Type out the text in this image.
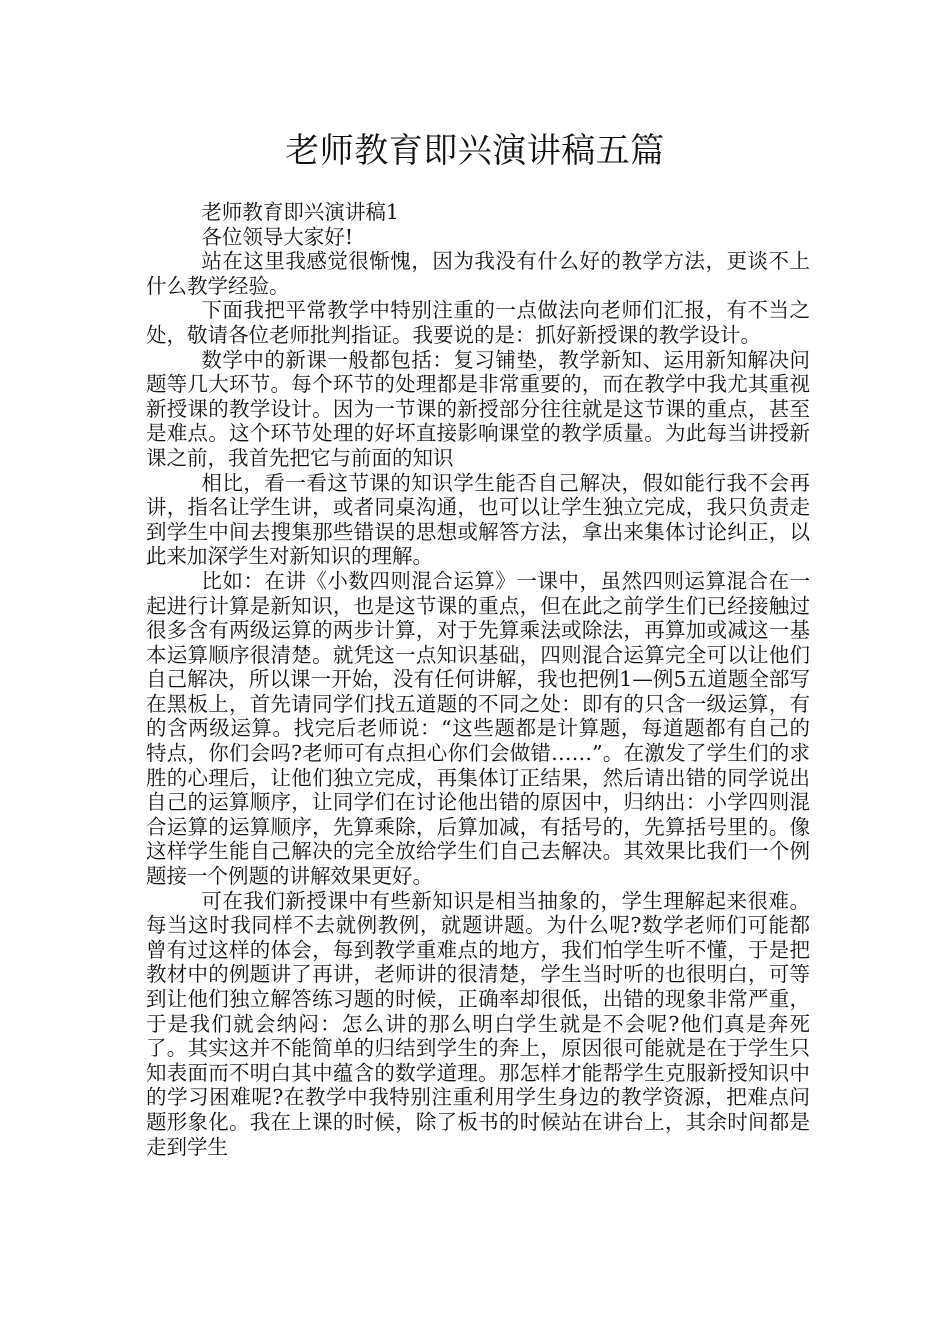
老师教育即兴演讲稿五篇

老师教育即兴演讲稿1

各位领导大家好!

站在这里我感觉很惭愧，因为我没有什么好的教学方法，更谈不上什么教学经验。

下面我把平常教学中特别注重的一点做法向老师们汇报，有不当之处，敬请各位老师批判指证。我要说的是：抓好新授课的教学设计。

数学中的新课一般都包括：复习铺垫，教学新知、运用新知解决问题等几大环节。每个环节的处理都是非常重要的，而在教学中我尤其重视新授课的教学设计。因为一节课的新授部分往往就是这节课的重点，甚至是难点。这个环节处理的好坏直接影响课堂的教学质量。为此每当讲授新课之前，我首先把它与前面的知识

相比，看一看这节课的知识学生能否自己解决，假如能行我不会再讲，指名让学生讲，或者同桌沟通，也可以让学生独立完成，我只负责走到学生中间去搜集那些错误的思想或解答方法，拿出来集体讨论纠正，以此来加深学生对新知识的理解。

比如：在讲《小数四则混合运算》一课中，虽然四则运算混合在一起进行计算是新知识，也是这节课的重点，但在此之前学生们已经接触过很多含有两级运算的两步计算，对于先算乘法或除法，再算加或减这一基本运算顺序很清楚。就凭这一点知识基础，四则混合运算完全可以让他们自己解决，所以课一开始，没有任何讲解，我也把例1—例5五道题全部写在黑板上，首先请同学们找五道题的不同之处：即有的只含一级运算，有的含两级运算。找完后老师说：“这些题都是计算题，每道题都有自己的特点，你们会吗?老师可有点担心你们会做错……”。在激发了学生们的求胜的心理后，让他们独立完成，再集体订正结果，然后请出错的同学说出自己的运算顺序，让同学们在讨论他出错的原因中，归纳出：小学四则混合运算的运算顺序，先算乘除，后算加减，有括号的，先算括号里的。像这样学生能自己解决的完全放给学生们自己去解决。其效果比我们一个例题接一个例题的讲解效果更好。

可在我们新授课中有些新知识是相当抽象的，学生理解起来很难。每当这时我同样不去就例教例，就题讲题。为什么呢?数学老师们可能都曾有过这样的体会，每到教学重难点的地方，我们怕学生听不懂，于是把教材中的例题讲了再讲，老师讲的很清楚，学生当时听的也很明白，可等到让他们独立解答练习题的时候，正确率却很低，出错的现象非常严重，于是我们就会纳闷：怎么讲的那么明白学生就是不会呢?他们真是奔死了。其实这并不能简单的归结到学生的奔上，原因很可能就是在于学生只知表面而不明白其中蕴含的数学道理。那怎样才能帮学生克服新授知识中的学习困难呢?在教学中我特别注重利用学生身边的教学资源，把难点问题形象化。我在上课的时候，除了板书的时候站在讲台上，其余时间都是走到学生
